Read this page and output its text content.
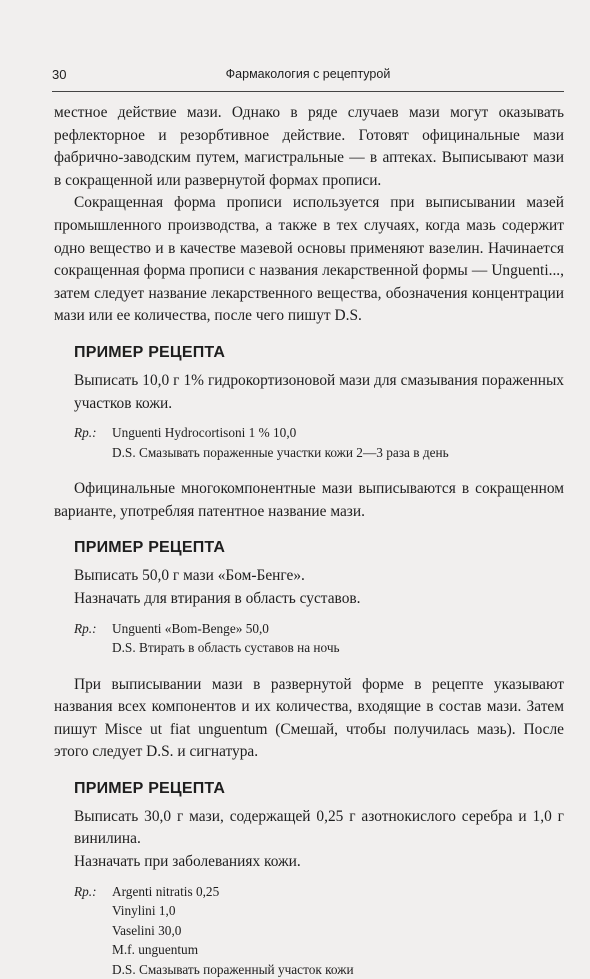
30	Фармакология с рецептурой

местное действие мази. Однако в ряде случаев мази могут оказывать рефлекторное и резорбтивное действие. Готовят официнальные мази фабрично-заводским путем, магистральные — в аптеках. Выписывают мази в сокращенной или развернутой формах прописи.

Сокращенная форма прописи используется при выписывании мазей промышленного производства, а также в тех случаях, когда мазь содержит одно вещество и в качестве мазевой основы применяют вазелин. Начинается сокращенная форма прописи с названия лекарственной формы — Unguenti..., затем следует название лекарственного вещества, обозначения концентрации мази или ее количества, после чего пишут D.S.

ПРИМЕР РЕЦЕПТА

Выписать 10,0 г 1% гидрокортизоновой мази для смазывания пораженных участков кожи.

Rp.:	Unguenti Hydrocortisoni 1 % 10,0
D.S. Смазывать пораженные участки кожи 2—3 раза в день

Официнальные многокомпонентные мази выписываются в сокращенном варианте, употребляя патентное название мази.

ПРИМЕР РЕЦЕПТА

Выписать 50,0 г мази «Бом-Бенге».

Назначать для втирания в область суставов.

Rp.:	Unguenti «Bom-Benge» 50,0
D.S. Втирать в область суставов на ночь

При выписывании мази в развернутой форме в рецепте указывают названия всех компонентов и их количества, входящие в состав мази. Затем пишут Misce ut fiat unguentum (Смешай, чтобы получилась мазь). После этого следует D.S. и сигнатура.

ПРИМЕР РЕЦЕПТА

Выписать 30,0 г мази, содержащей 0,25 г азотнокислого серебра и 1,0 г винилина.

Назначать при заболеваниях кожи.

Rp.:	Argenti nitratis 0,25
Vinylini 1,0
Vaselini 30,0
M.f. unguentum
D.S. Смазывать пораженный участок кожи
